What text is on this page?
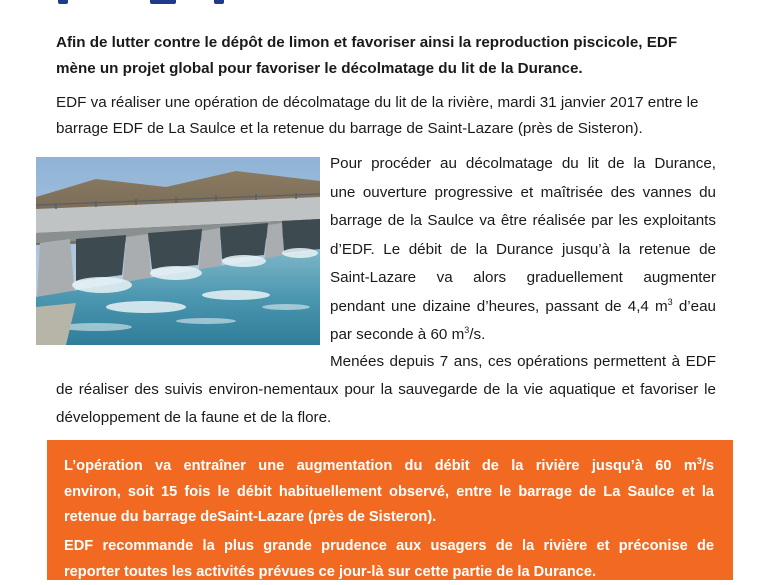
Afin de lutter contre le dépôt de limon et favoriser ainsi la reproduction piscicole, EDF
mène un projet global pour favoriser le décolmatage du lit de la Durance.

EDF va réaliser une opération de décolmatage du lit de la rivière, mardi 31 janvier 2017 entre le
barrage EDF de La Saulce et la retenue du barrage de Saint-Lazare (près de Sisteron).

Pour procéder au décolmatage du lit de la Durance,
une ouverture progressive et maîtrisée des vannes du
barrage de la Saulce va être réalisée par les exploitants
d’EDF. Le débit de la Durance jusqu’à la retenue de
Saint-Lazare va alors graduellement augmenter
pendant une dizaine d’heures, passant de 4,4 $m^3$ d’eau
par seconde à 60 $m^3/s$.

Menées depuis 7 ans, ces opérations permettent à EDF
de réaliser des suivis environ-nementaux pour la sauvegarde de la vie aquatique et favoriser le
développement de la faune et de la flore.

L’opération va entraîner une augmentation du débit de la rivière jusqu’à 60 $m^3/s$
environ, soit 15 fois le débit habituellement observé, entre le barrage de La Saulce et la
retenue du barrage deSaint-Lazare (près de Sisteron).

EDF recommande la plus grande prudence aux usagers de la rivière et préconise de
reporter toutes les activités prévues ce jour-là sur cette partie de la Durance.
